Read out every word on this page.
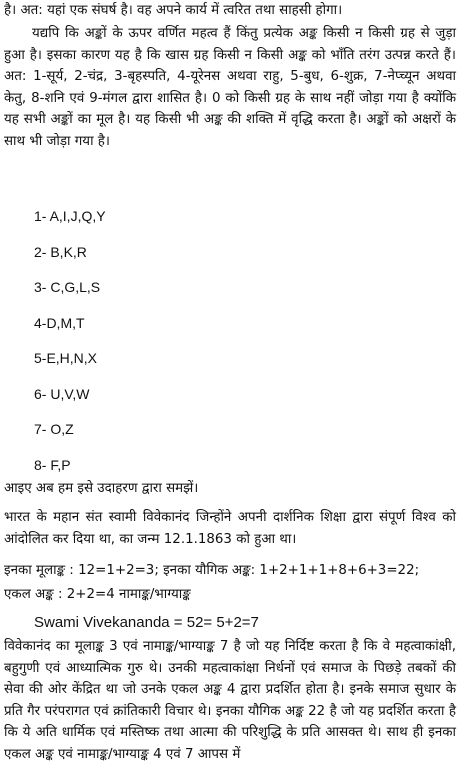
है। अत: यहां एक संघर्ष है। वह अपने कार्य में त्वरित तथा साहसी होगा।

यद्यपि कि अङ्कों के ऊपर वर्णित महत्व हैं किंतु प्रत्येक अङ्क किसी न किसी ग्रह से जुड़ा हुआ है। इसका कारण यह है कि खास ग्रह किसी न किसी अङ्क को भाँति तरंग उत्पन्न करते हैं। अत: 1-सूर्य, 2-चंद्र, 3-बृहस्पति, 4-यूरेनस अथवा राहु, 5-बुध, 6-शुक्र, 7-नेप्च्यून अथवा केतु, 8-शनि एवं 9-मंगल द्वारा शासित है। 0 को किसी ग्रह के साथ नहीं जोड़ा गया है क्योंकि यह सभी अङ्कों का मूल है। यह किसी भी अङ्क की शक्ति में वृद्धि करता है। अङ्कों को अक्षरों के साथ भी जोड़ा गया है।

1- A,I,J,Q,Y
2- B,K,R
3- C,G,L,S
4-D,M,T
5-E,H,N,X
6- U,V,W
7- O,Z
8- F,P

आइए अब हम इसे उदाहरण द्वारा समझें।

भारत के महान संत स्वामी विवेकानंद जिन्होंने अपनी दार्शनिक शिक्षा द्वारा संपूर्ण विश्व को आंदोलित कर दिया था, का जन्म 12.1.1863 को हुआ था।

इनका मूलाङ्क : 12=1+2=3; इनका यौगिक अङ्क: 1+2+1+1+8+6+3=22;

एकल अङ्क : 2+2=4 नामाङ्क/भाग्याङ्क

Swami Vivekananda = 52= 5+2=7

विवेकानंद का मूलाङ्क 3 एवं नामाङ्क/भाग्याङ्क 7 है जो यह निर्दिष्ट करता है कि वे महत्वाकांक्षी, बहुगुणी एवं आध्यात्मिक गुरु थे। उनकी महत्वाकांक्षा निर्धनों एवं समाज के पिछड़े तबकों की सेवा की ओर केंद्रित था जो उनके एकल अङ्क 4 द्वारा प्रदर्शित होता है। इनके समाज सुधार के प्रति गैर परंपरागत एवं क्रांतिकारी विचार थे। इनका यौगिक अङ्क 22 है जो यह प्रदर्शित करता है कि ये अति धार्मिक एवं मस्तिष्क तथा आत्मा की परिशुद्धि के प्रति आसक्त थे। साथ ही इनका एकल अङ्क एवं नामाङ्क/भाग्याङ्क 4 एवं 7 आपस में
